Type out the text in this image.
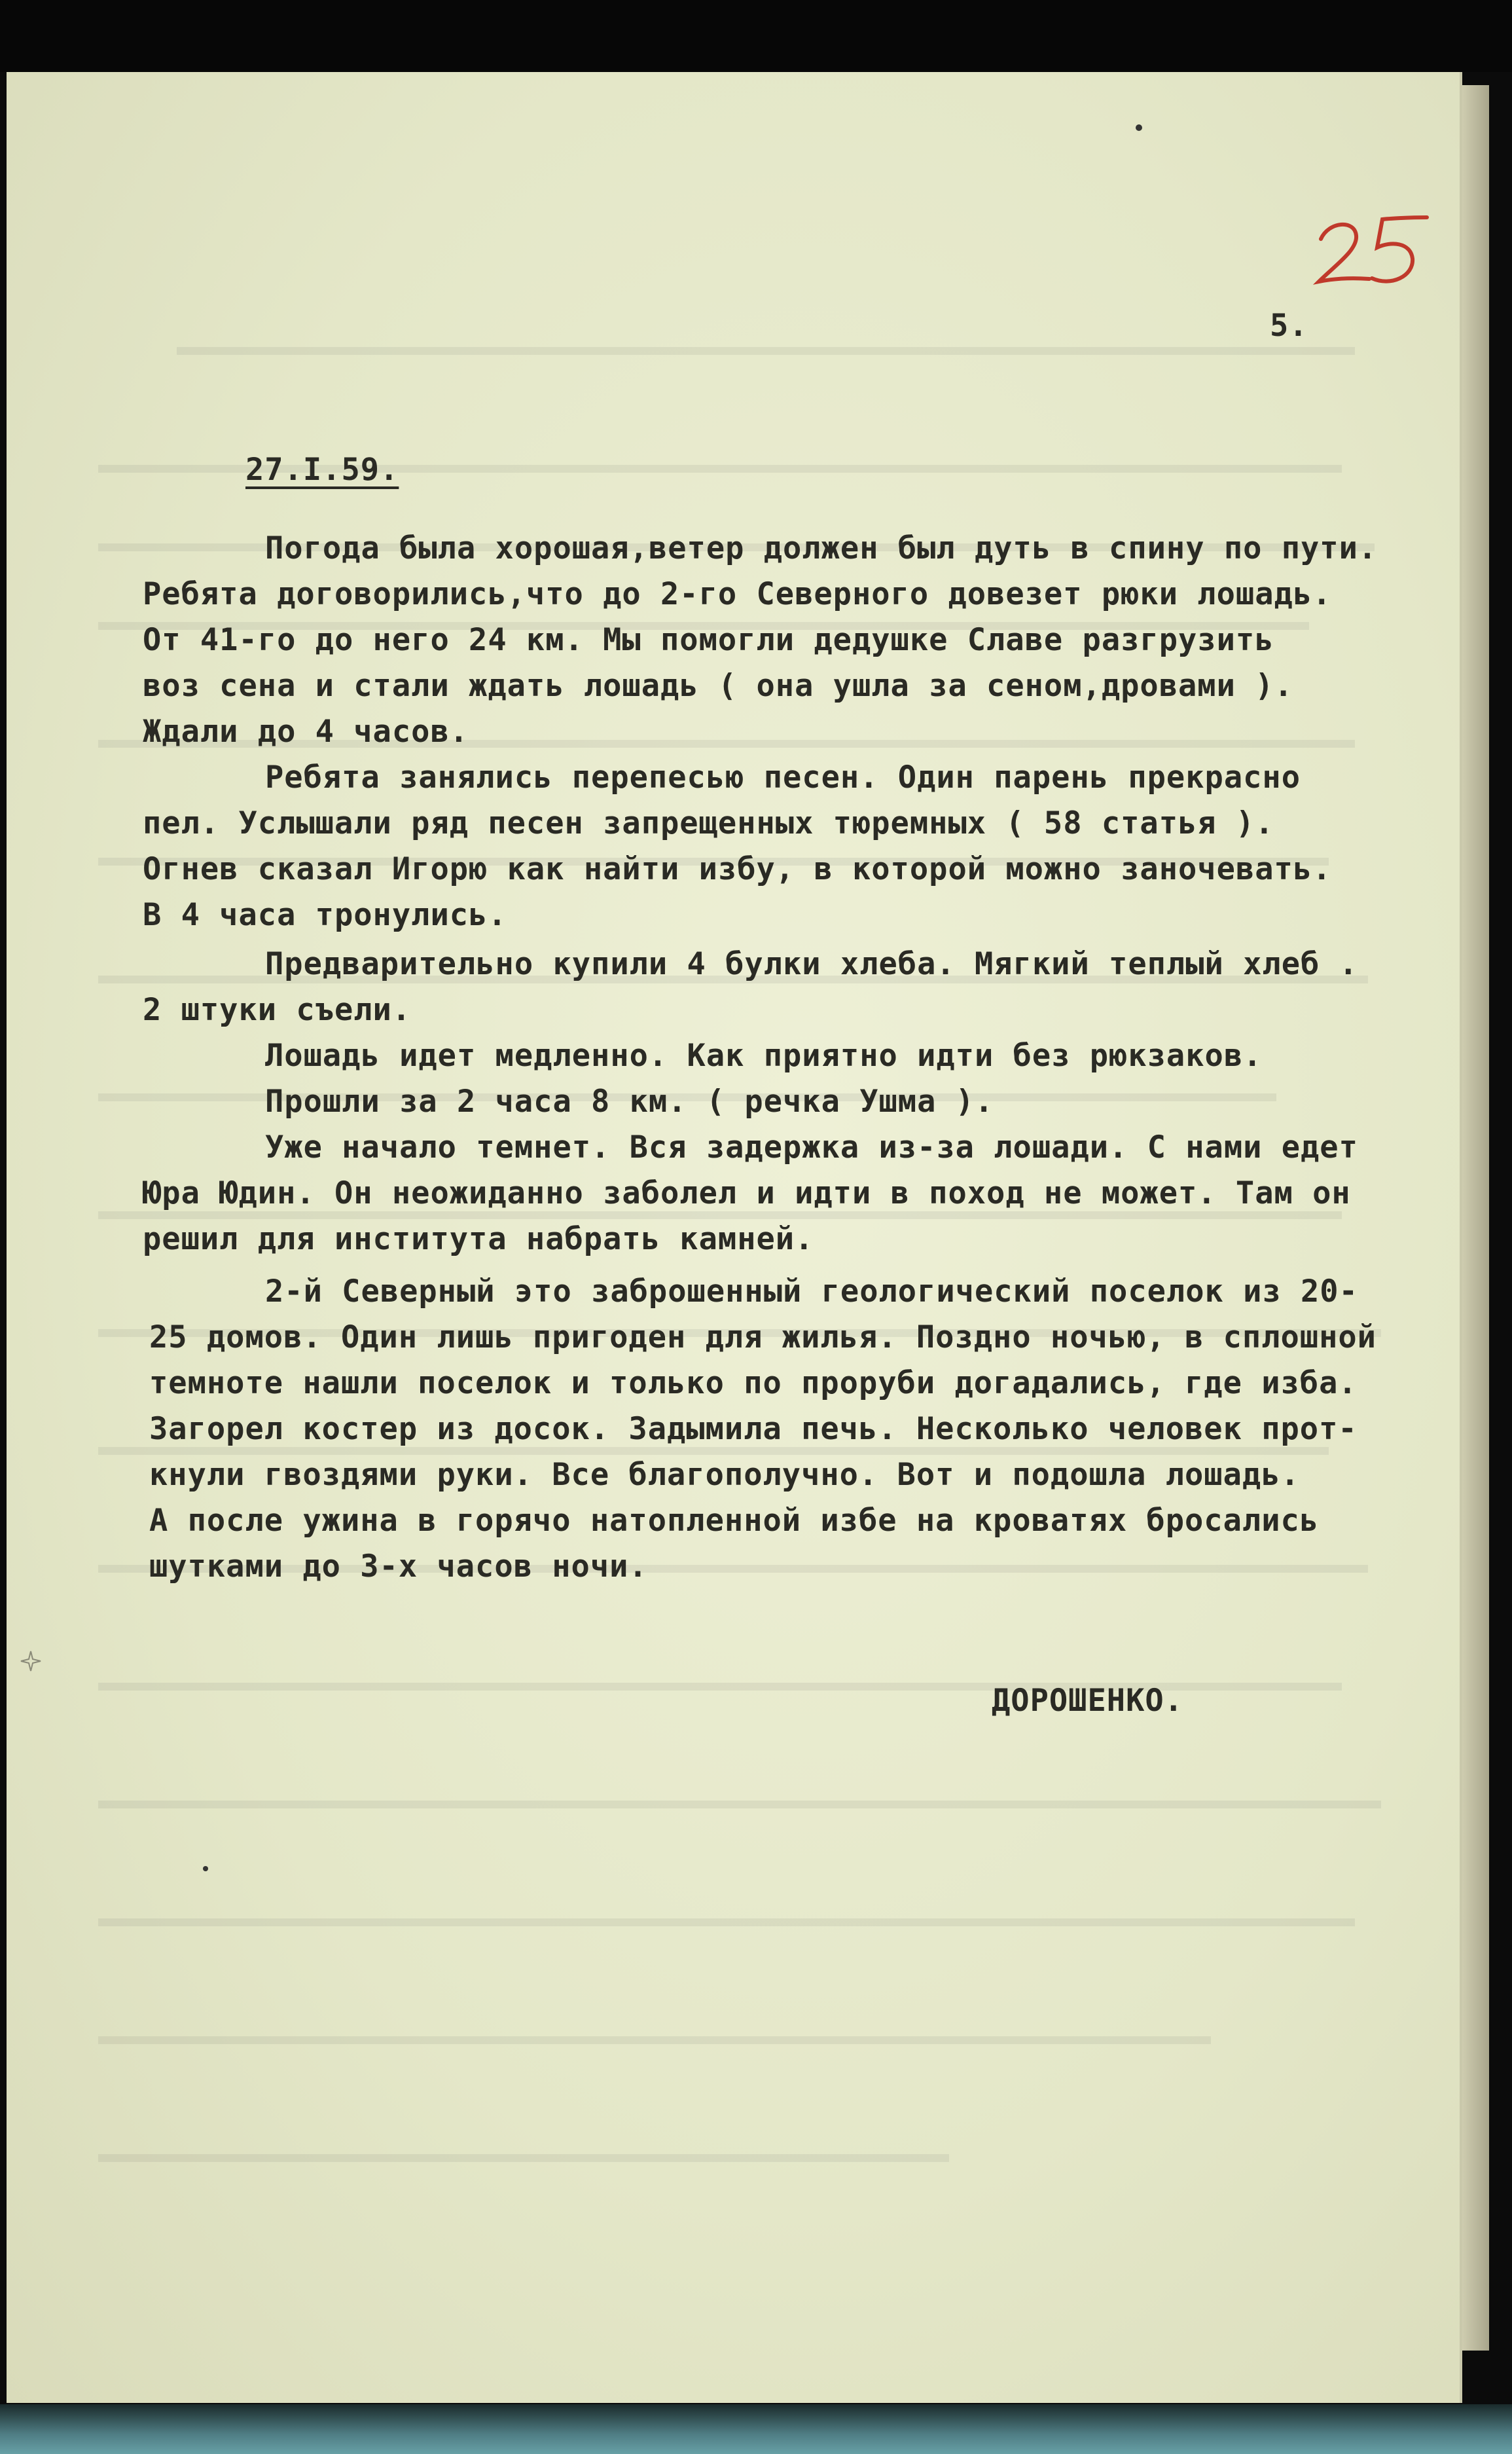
5.
27.I.59.
Погода была хорошая,ветер должен был дуть в спину по пути.
Ребята договорились,что до 2-го Северного довезет рюки лошадь.
От 41-го до него 24 км. Мы помогли дедушке Славе разгрузить
воз сена и стали ждать лошадь ( она ушла за сеном,дровами ).
Ждали до 4 часов.
Ребята занялись перепесью песен. Один парень прекрасно
пел. Услышали ряд песен запрещенных тюремных ( 58 статья ).
Огнев сказал Игорю как найти избу, в которой можно заночевать.
В 4 часа тронулись.
Предварительно купили 4 булки хлеба. Мягкий теплый хлеб .
2 штуки съели.
Лошадь идет медленно. Как приятно идти без рюкзаков.
Прошли за 2 часа 8 км. ( речка Ушма ).
Уже начало темнет. Вся задержка из-за лошади. С нами едет
Юра Юдин. Он неожиданно заболел и идти в поход не может. Там он
решил для института набрать камней.
2-й Северный это заброшенный геологический поселок из 20-
25 домов. Один лишь пригоден для жилья. Поздно ночью, в сплошной
темноте нашли поселок и только по проруби догадались, где изба.
Загорел костер из досок. Задымила печь. Несколько человек прот-
кнули гвоздями руки. Все благополучно. Вот и подошла лошадь.
А после ужина в горячо натопленной избе на кроватях бросались
шутками до 3-х часов ночи.
ДОРОШЕНКО.
